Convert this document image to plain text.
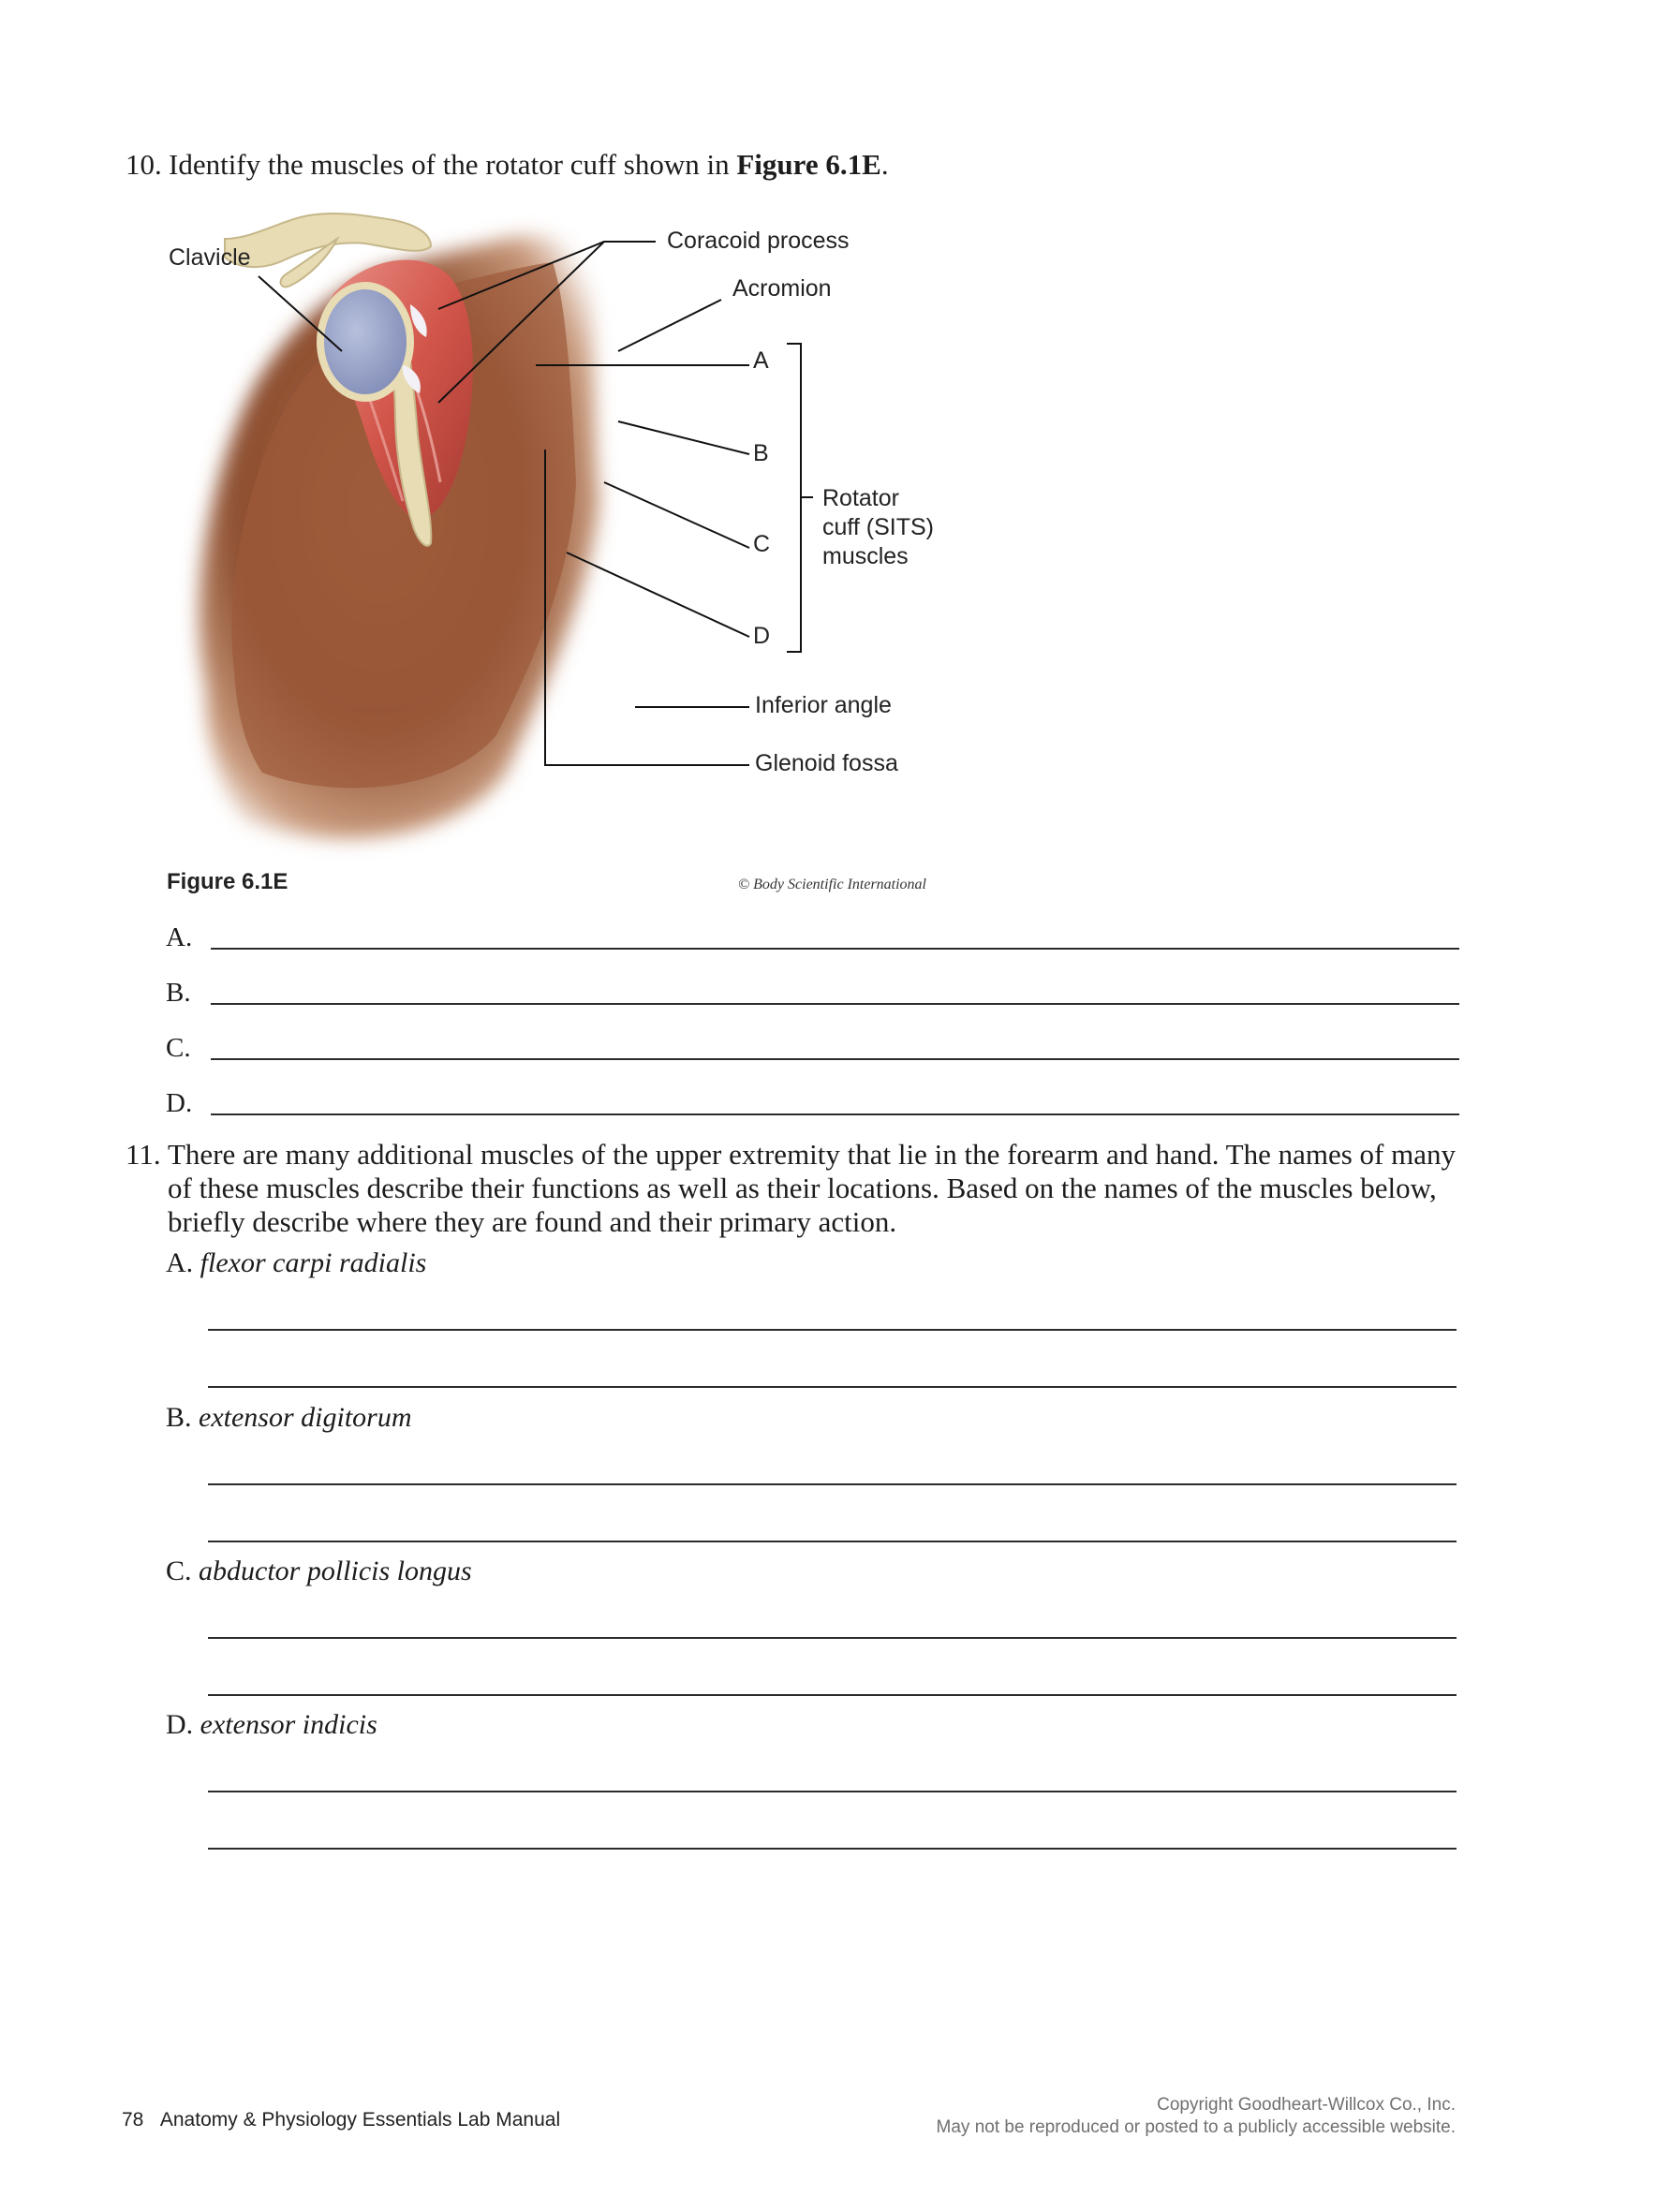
10. Identify the muscles of the rotator cuff shown in Figure 6.1E.
Clavicle
Coracoid process
Acromion
A
B
C
D
Rotator
cuff (SITS)
muscles
Inferior angle
Glenoid fossa
Figure 6.1E	© Body Scientific International
A.
B.
C.
D.
11. There are many additional muscles of the upper extremity that lie in the forearm and hand. The names of many
of these muscles describe their functions as well as their locations. Based on the names of the muscles below,
briefly describe where they are found and their primary action.
A. flexor carpi radialis
B. extensor digitorum
C. abductor pollicis longus
D. extensor indicis
78 Anatomy & Physiology Essentials Lab Manual
Copyright Goodheart-Willcox Co., Inc.
May not be reproduced or posted to a publicly accessible website.
